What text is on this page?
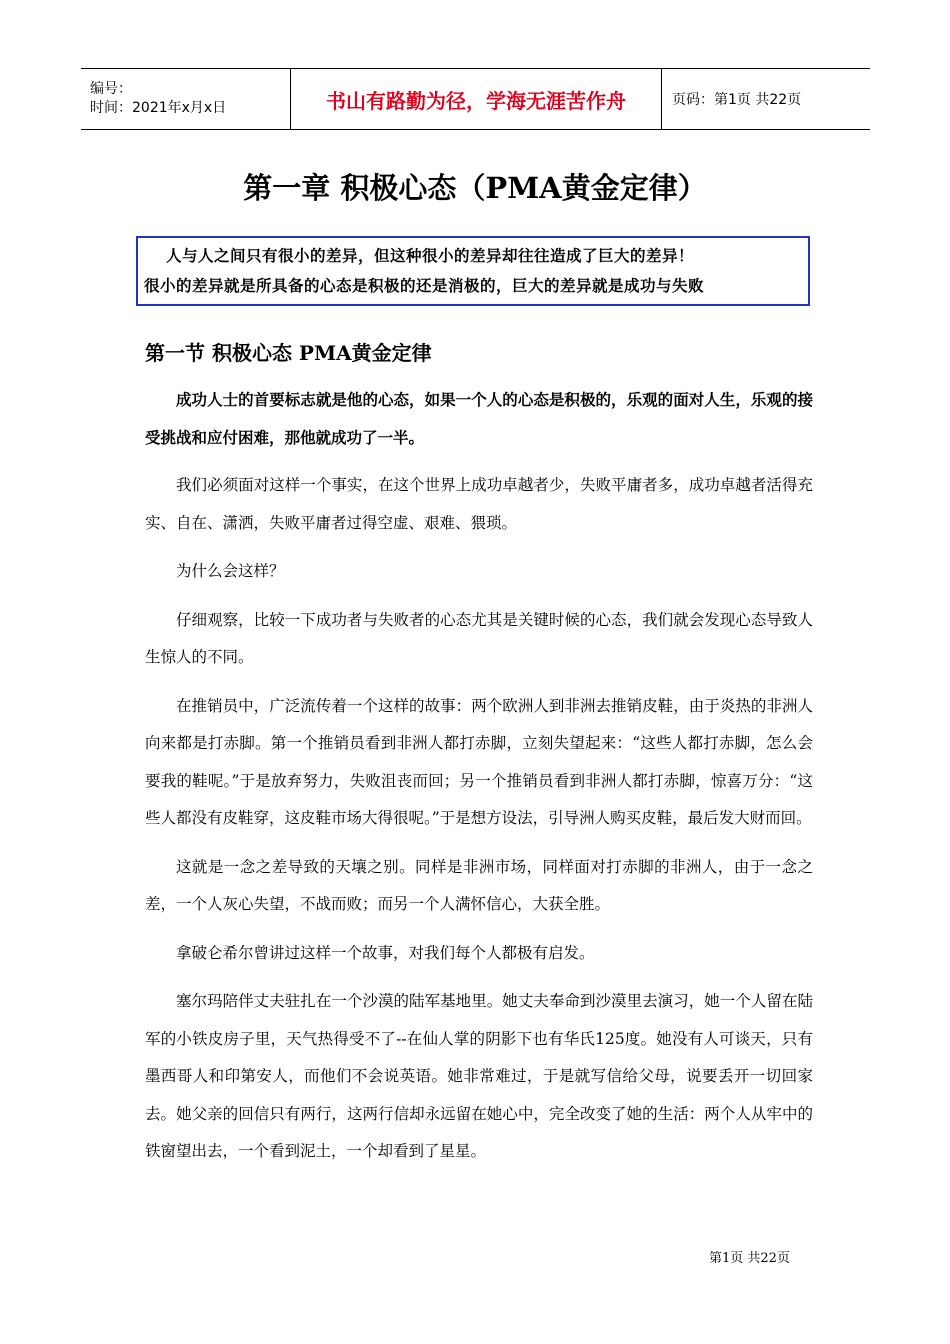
编号：
时间：2021年x月x日	书山有路勤为径，学海无涯苦作舟	页码：第1页 共22页
第一章 积极心态（PMA黄金定律）
人与人之间只有很小的差异，但这种很小的差异却往往造成了巨大的差异！
很小的差异就是所具备的心态是积极的还是消极的，巨大的差异就是成功与失败
第一节 积极心态 PMA黄金定律

成功人士的首要标志就是他的心态，如果一个人的心态是积极的，乐观的面对人生，乐观的接受挑战和应付困难，那他就成功了一半。

我们必须面对这样一个事实，在这个世界上成功卓越者少，失败平庸者多，成功卓越者活得充实、自在、潇洒，失败平庸者过得空虚、艰难、猥琐。

为什么会这样？

仔细观察，比较一下成功者与失败者的心态尤其是关键时候的心态，我们就会发现心态导致人生惊人的不同。

在推销员中，广泛流传着一个这样的故事：两个欧洲人到非洲去推销皮鞋，由于炎热的非洲人向来都是打赤脚。第一个推销员看到非洲人都打赤脚，立刻失望起来：“这些人都打赤脚，怎么会要我的鞋呢。”于是放弃努力，失败沮丧而回；另一个推销员看到非洲人都打赤脚，惊喜万分：“这些人都没有皮鞋穿，这皮鞋市场大得很呢。”于是想方设法，引导洲人购买皮鞋，最后发大财而回。

这就是一念之差导致的天壤之别。同样是非洲市场，同样面对打赤脚的非洲人，由于一念之差，一个人灰心失望，不战而败；而另一个人满怀信心，大获全胜。

拿破仑希尔曾讲过这样一个故事，对我们每个人都极有启发。

塞尔玛陪伴丈夫驻扎在一个沙漠的陆军基地里。她丈夫奉命到沙漠里去演习，她一个人留在陆军的小铁皮房子里，天气热得受不了--在仙人掌的阴影下也有华氏125度。她没有人可谈天，只有墨西哥人和印第安人，而他们不会说英语。她非常难过，于是就写信给父母，说要丢开一切回家去。她父亲的回信只有两行，这两行信却永远留在她心中，完全改变了她的生活：两个人从牢中的铁窗望出去，一个看到泥土，一个却看到了星星。

第1页 共22页
